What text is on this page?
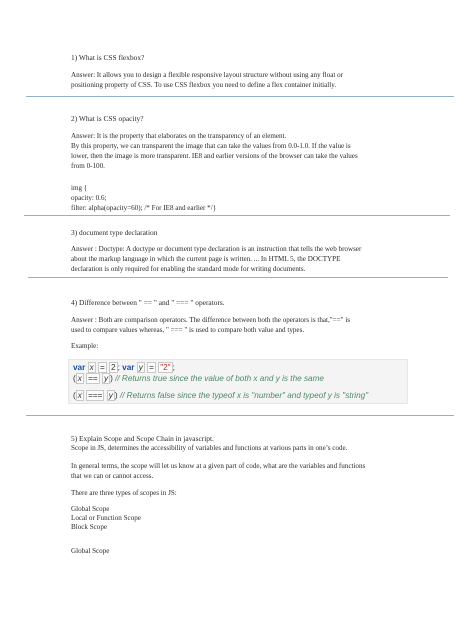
1) What is CSS flexbox?
Answer: It allows you to design a flexible responsive layout structure without using any float or
positioning property of CSS. To use CSS flexbox you need to define a flex container initially.
2) What is CSS opacity?
Answer: It is the property that elaborates on the transparency of an element.
By this property, we can transparent the image that can take the values from 0.0-1.0. If the value is
lower, then the image is more transparent. IE8 and earlier versions of the browser can take the values
from 0-100.
img {
opacity: 0.6;
filter: alpha(opacity=60); /* For IE8 and earlier */}
3) document type declaration
Answer : Doctype: A doctype or document type declaration is an instruction that tells the web browser
about the markup language in which the current page is written. ... In HTML 5, the DOCTYPE
declaration is only required for enabling the standard mode for writing documents.
4) Difference between " == " and " === " operators.
Answer : Both are comparison operators. The difference between both the operators is that,"==" is
used to compare values whereas, " === " is used to compare both value and types.
Example:
var x = 2 ; var y = "2" ;
( x == y ) // Returns true since the value of both x and y is the same
( x === y ) // Returns false since the typeof x is "number" and typeof y is "string"
5) Explain Scope and Scope Chain in javascript.
Scope in JS, determines the accessibility of variables and functions at various parts in one’s code.
In general terms, the scope will let us know at a given part of code, what are the variables and functions
that we can or cannot access.
There are three types of scopes in JS:
Global Scope
Local or Function Scope
Block Scope
Global Scope
